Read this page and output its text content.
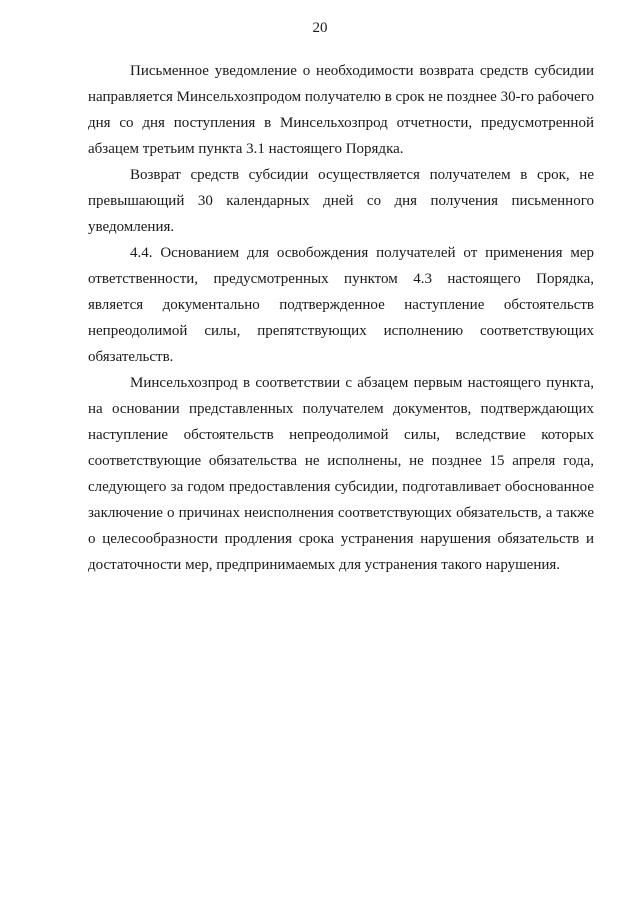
20

Письменное уведомление о необходимости возврата средств субсидии направляется Минсельхозпродом получателю в срок не позднее 30-го рабочего дня со дня поступления в Минсельхозпрод отчетности, предусмотренной абзацем третьим пункта 3.1 настоящего Порядка.

Возврат средств субсидии осуществляется получателем в срок, не превышающий 30 календарных дней со дня получения письменного уведомления.

4.4. Основанием для освобождения получателей от применения мер ответственности, предусмотренных пунктом 4.3 настоящего Порядка, является документально подтвержденное наступление обстоятельств непреодолимой силы, препятствующих исполнению соответствующих обязательств.

Минсельхозпрод в соответствии с абзацем первым настоящего пункта, на основании представленных получателем документов, подтверждающих наступление обстоятельств непреодолимой силы, вследствие которых соответствующие обязательства не исполнены, не позднее 15 апреля года, следующего за годом предоставления субсидии, подготавливает обоснованное заключение о причинах неисполнения соответствующих обязательств, а также о целесообразности продления срока устранения нарушения обязательств и достаточности мер, предпринимаемых для устранения такого нарушения.
